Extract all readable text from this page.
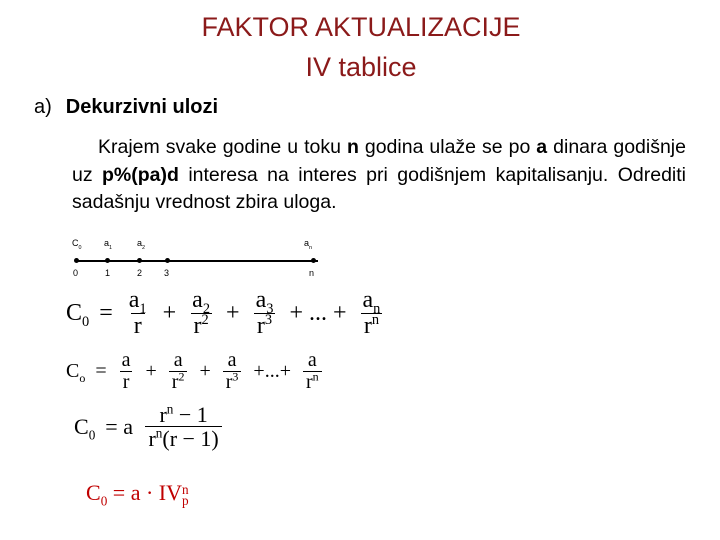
FAKTOR AKTUALIZACIJE
IV tablice
a) Dekurzivni ulozi
Krajem svake godine u toku n godina ulaže se po a dinara godišnje uz p%(pa)d interesa na interes pri godišnjem kapitalisanju. Odrediti sadašnju vrednost zbira uloga.
$C_0$	$a_1$	$a_2$	$a_n$
0	1	2 3	n
$C_0 = \frac{a_1}{r} + \frac{a_2}{r^2} + \frac{a_3}{r^3}$ + ... + $\frac{a_n}{r^n}$
$C_o = \frac{a}{r} + \frac{a}{r^2} + \frac{a}{r^3}$ +...+ $\frac{a}{r^n}$
$C_0 = a \frac{r^n - 1}{r^n(r - 1)}$
$C_0 = a$ · IV n
p
